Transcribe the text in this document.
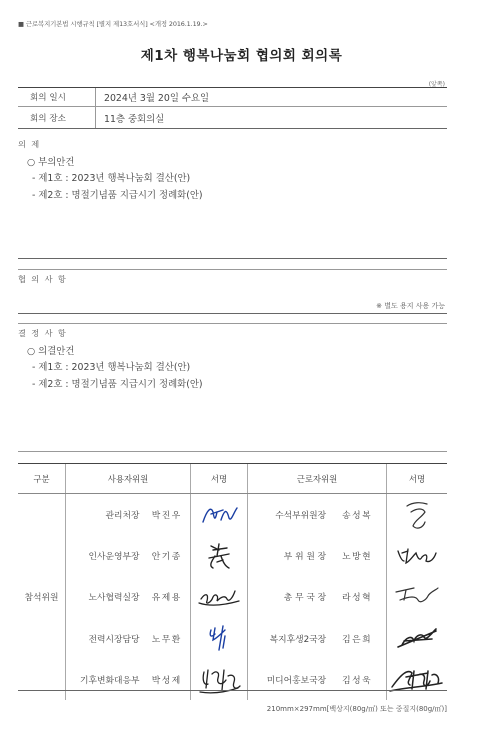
■ 근로복지기본법 시행규칙 [별지 제13호서식] <개정 2016.1.19.>
제1차 행복나눔회 협의회 회의록
(앞쪽)
회의 일시	2024년 3월 20일 수요일
회의 장소	11층 중회의실
의 제
○ 부의안건
- 제1호 : 2023년 행복나눔회 결산(안)
- 제2호 : 명절기념품 지급시기 정례화(안)
협 의 사 항
※ 별도 용지 사용 가능
결 정 사 항
○ 의결안건
- 제1호 : 2023년 행복나눔회 결산(안)
- 제2호 : 명절기념품 지급시기 정례화(안)
구분	사용자위원		서명	근로자위원		서명
참석위원	관리처장	박진우		수석부위원장	송성복	

	인사운영부장	안기종		부 위 원 장	노방현	

	노사협력실장	유제용		총 무 국 장	라성혁	

	전력시장담당	노무환		복지후생2국장	김은희	

	기후변화대응부	박성제		미디어홍보국장	김성욱	
210mm×297mm[백상지(80g/㎡) 또는 중질지(80g/㎡)]
